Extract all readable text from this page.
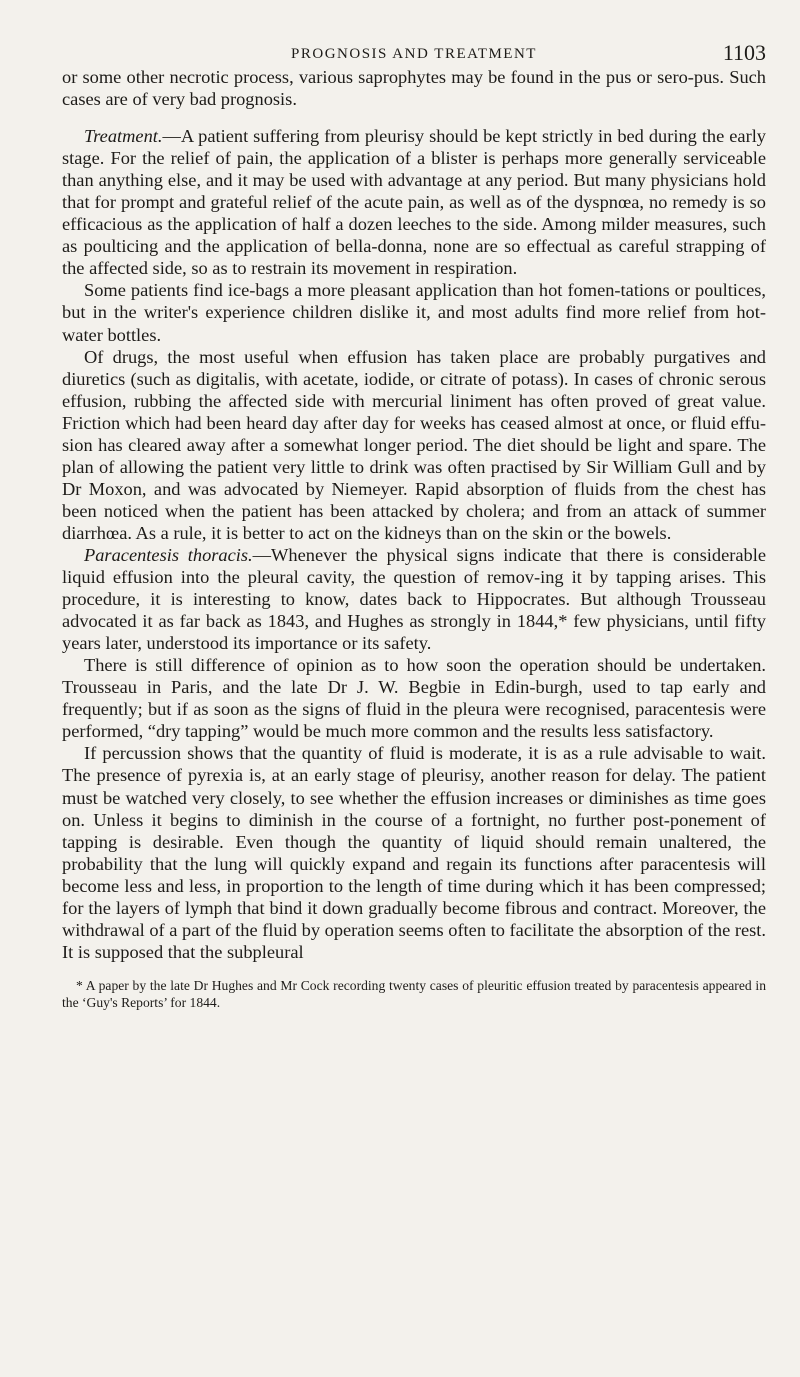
PROGNOSIS AND TREATMENT	1103

or some other necrotic process, various saprophytes may be found in the pus or sero-pus. Such cases are of very bad prognosis.

Treatment.—A patient suffering from pleurisy should be kept strictly in bed during the early stage. For the relief of pain, the application of a blister is perhaps more generally serviceable than anything else, and it may be used with advantage at any period. But many physicians hold that for prompt and grateful relief of the acute pain, as well as of the dyspnœa, no remedy is so efficacious as the application of half a dozen leeches to the side. Among milder measures, such as poulticing and the application of bella-donna, none are so effectual as careful strapping of the affected side, so as to restrain its movement in respiration.

Some patients find ice-bags a more pleasant application than hot fomen-tations or poultices, but in the writer's experience children dislike it, and most adults find more relief from hot-water bottles.

Of drugs, the most useful when effusion has taken place are probably purgatives and diuretics (such as digitalis, with acetate, iodide, or citrate of potass). In cases of chronic serous effusion, rubbing the affected side with mercurial liniment has often proved of great value. Friction which had been heard day after day for weeks has ceased almost at once, or fluid effu-sion has cleared away after a somewhat longer period. The diet should be light and spare. The plan of allowing the patient very little to drink was often practised by Sir William Gull and by Dr Moxon, and was advocated by Niemeyer. Rapid absorption of fluids from the chest has been noticed when the patient has been attacked by cholera; and from an attack of summer diarrhœa. As a rule, it is better to act on the kidneys than on the skin or the bowels.

Paracentesis thoracis.—Whenever the physical signs indicate that there is considerable liquid effusion into the pleural cavity, the question of remov-ing it by tapping arises. This procedure, it is interesting to know, dates back to Hippocrates. But although Trousseau advocated it as far back as 1843, and Hughes as strongly in 1844,* few physicians, until fifty years later, understood its importance or its safety.

There is still difference of opinion as to how soon the operation should be undertaken. Trousseau in Paris, and the late Dr J. W. Begbie in Edin-burgh, used to tap early and frequently; but if as soon as the signs of fluid in the pleura were recognised, paracentesis were performed, “dry tapping” would be much more common and the results less satisfactory.

If percussion shows that the quantity of fluid is moderate, it is as a rule advisable to wait. The presence of pyrexia is, at an early stage of pleurisy, another reason for delay. The patient must be watched very closely, to see whether the effusion increases or diminishes as time goes on. Unless it begins to diminish in the course of a fortnight, no further post-ponement of tapping is desirable. Even though the quantity of liquid should remain unaltered, the probability that the lung will quickly expand and regain its functions after paracentesis will become less and less, in proportion to the length of time during which it has been compressed; for the layers of lymph that bind it down gradually become fibrous and contract. Moreover, the withdrawal of a part of the fluid by operation seems often to facilitate the absorption of the rest. It is supposed that the subpleural

* A paper by the late Dr Hughes and Mr Cock recording twenty cases of pleuritic effusion treated by paracentesis appeared in the ‘Guy's Reports’ for 1844.
